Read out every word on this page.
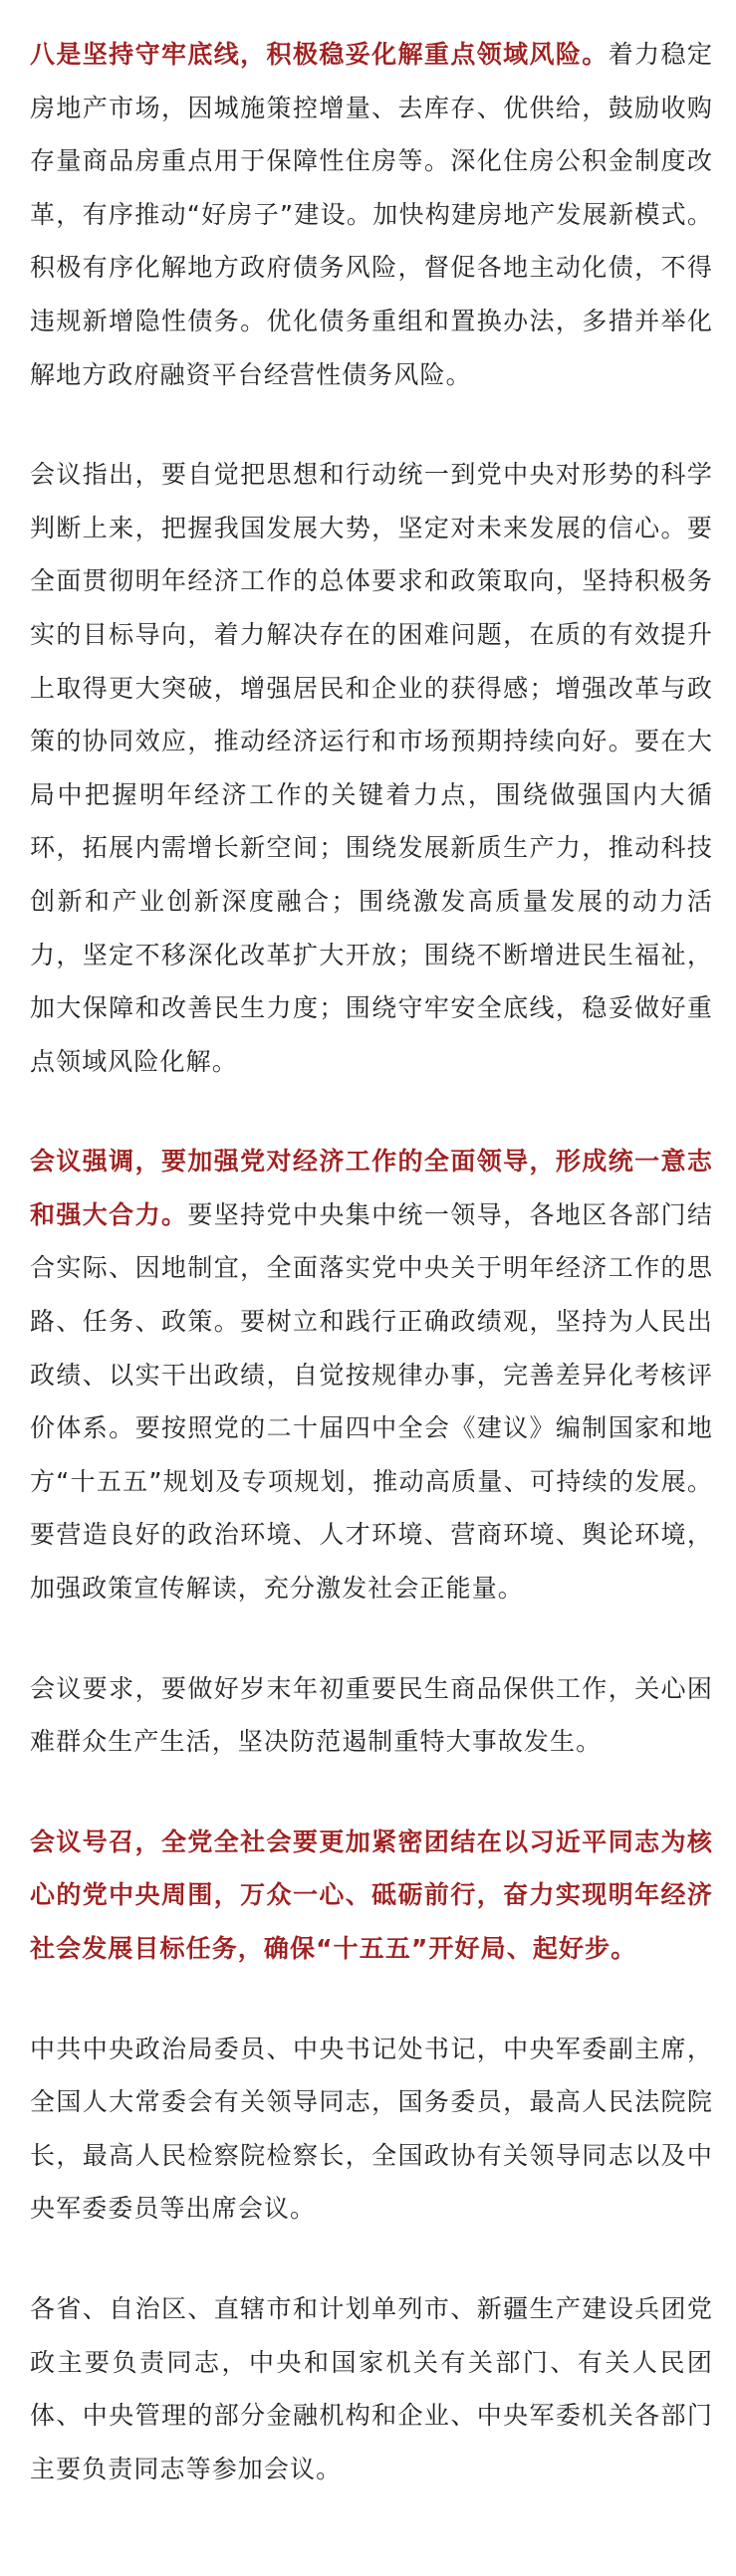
八是坚持守牢底线，积极稳妥化解重点领域风险。着力稳定房地产市场，因城施策控增量、去库存、优供给，鼓励收购存量商品房重点用于保障性住房等。深化住房公积金制度改革，有序推动“好房子”建设。加快构建房地产发展新模式。积极有序化解地方政府债务风险，督促各地主动化债，不得违规新增隐性债务。优化债务重组和置换办法，多措并举化解地方政府融资平台经营性债务风险。

会议指出，要自觉把思想和行动统一到党中央对形势的科学判断上来，把握我国发展大势，坚定对未来发展的信心。要全面贯彻明年经济工作的总体要求和政策取向，坚持积极务实的目标导向，着力解决存在的困难问题，在质的有效提升上取得更大突破，增强居民和企业的获得感；增强改革与政策的协同效应，推动经济运行和市场预期持续向好。要在大局中把握明年经济工作的关键着力点，围绕做强国内大循环，拓展内需增长新空间；围绕发展新质生产力，推动科技创新和产业创新深度融合；围绕激发高质量发展的动力活力，坚定不移深化改革扩大开放；围绕不断增进民生福祉，加大保障和改善民生力度；围绕守牢安全底线，稳妥做好重点领域风险化解。

会议强调，要加强党对经济工作的全面领导，形成统一意志和强大合力。要坚持党中央集中统一领导，各地区各部门结合实际、因地制宜，全面落实党中央关于明年经济工作的思路、任务、政策。要树立和践行正确政绩观，坚持为人民出政绩、以实干出政绩，自觉按规律办事，完善差异化考核评价体系。要按照党的二十届四中全会《建议》编制国家和地方“十五五”规划及专项规划，推动高质量、可持续的发展。要营造良好的政治环境、人才环境、营商环境、舆论环境，加强政策宣传解读，充分激发社会正能量。

会议要求，要做好岁末年初重要民生商品保供工作，关心困难群众生产生活，坚决防范遏制重特大事故发生。

会议号召，全党全社会要更加紧密团结在以习近平同志为核心的党中央周围，万众一心、砥砺前行，奋力实现明年经济社会发展目标任务，确保“十五五”开好局、起好步。

中共中央政治局委员、中央书记处书记，中央军委副主席，全国人大常委会有关领导同志，国务委员，最高人民法院院长，最高人民检察院检察长，全国政协有关领导同志以及中央军委委员等出席会议。

各省、自治区、直辖市和计划单列市、新疆生产建设兵团党政主要负责同志，中央和国家机关有关部门、有关人民团体、中央管理的部分金融机构和企业、中央军委机关各部门主要负责同志等参加会议。
